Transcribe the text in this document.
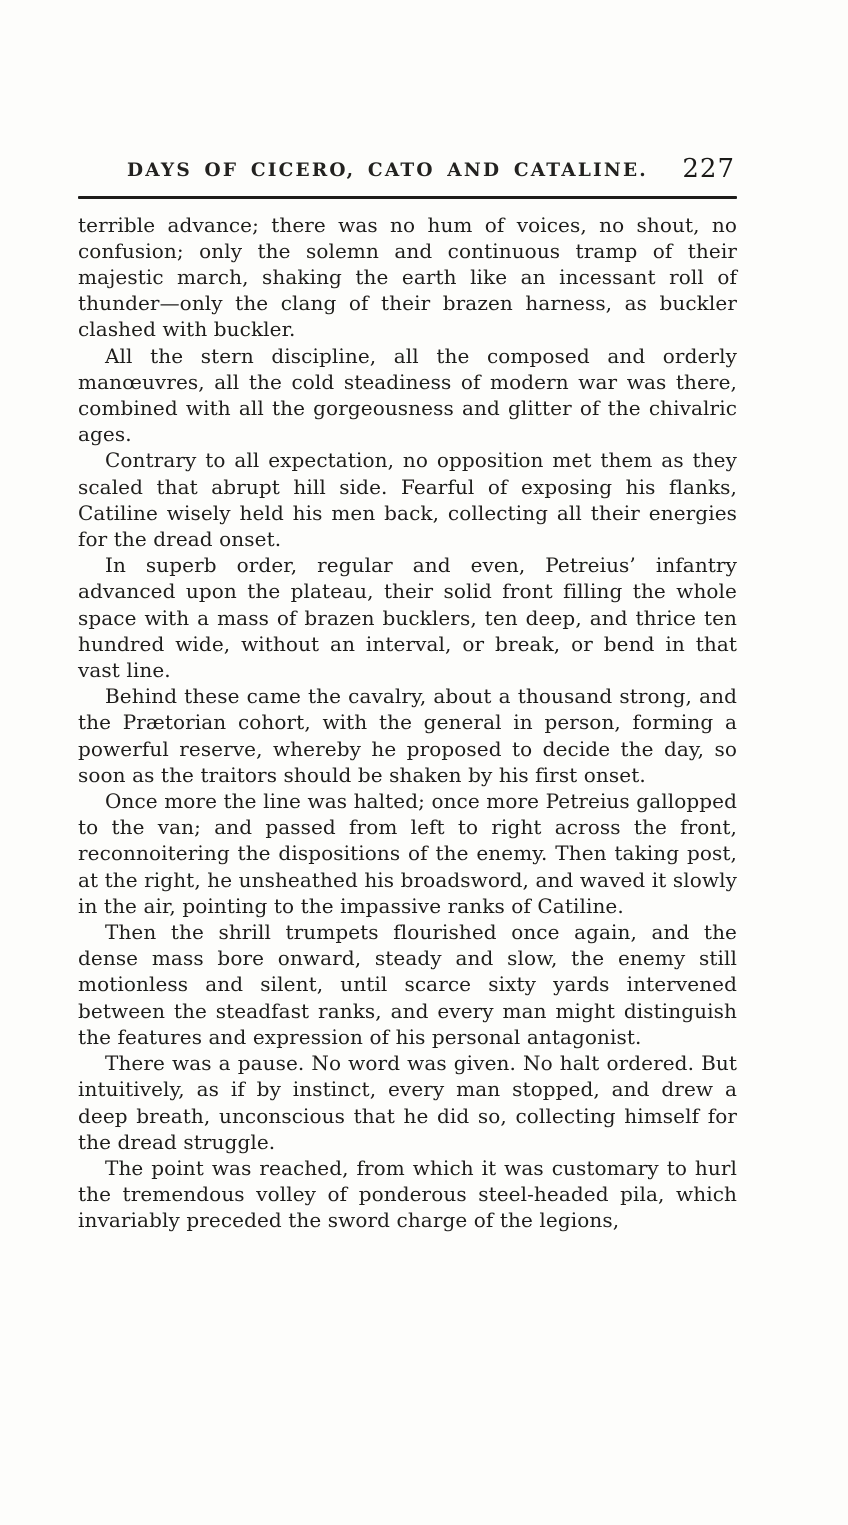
DAYS OF CICERO, CATO AND CATALINE.	227

terrible advance; there was no hum of voices, no shout, no confusion; only the solemn and continuous tramp of their majestic march, shaking the earth like an incessant roll of thunder—only the clang of their brazen harness, as buckler clashed with buckler.

All the stern discipline, all the composed and orderly manœuvres, all the cold steadiness of modern war was there, combined with all the gorgeousness and glitter of the chivalric ages.

Contrary to all expectation, no opposition met them as they scaled that abrupt hill side. Fearful of exposing his flanks, Catiline wisely held his men back, collecting all their energies for the dread onset.

In superb order, regular and even, Petreius’ infantry advanced upon the plateau, their solid front filling the whole space with a mass of brazen bucklers, ten deep, and thrice ten hundred wide, without an interval, or break, or bend in that vast line.

Behind these came the cavalry, about a thousand strong, and the Prætorian cohort, with the general in person, forming a powerful reserve, whereby he proposed to decide the day, so soon as the traitors should be shaken by his first onset.

Once more the line was halted; once more Petreius gallopped to the van; and passed from left to right across the front, reconnoitering the dispositions of the enemy. Then taking post, at the right, he unsheathed his broadsword, and waved it slowly in the air, pointing to the impassive ranks of Catiline.

Then the shrill trumpets flourished once again, and the dense mass bore onward, steady and slow, the enemy still motionless and silent, until scarce sixty yards intervened between the steadfast ranks, and every man might distinguish the features and expression of his personal antagonist.

There was a pause. No word was given. No halt ordered. But intuitively, as if by instinct, every man stopped, and drew a deep breath, unconscious that he did so, collecting himself for the dread struggle.

The point was reached, from which it was customary to hurl the tremendous volley of ponderous steel-headed pila, which invariably preceded the sword charge of the legions,
